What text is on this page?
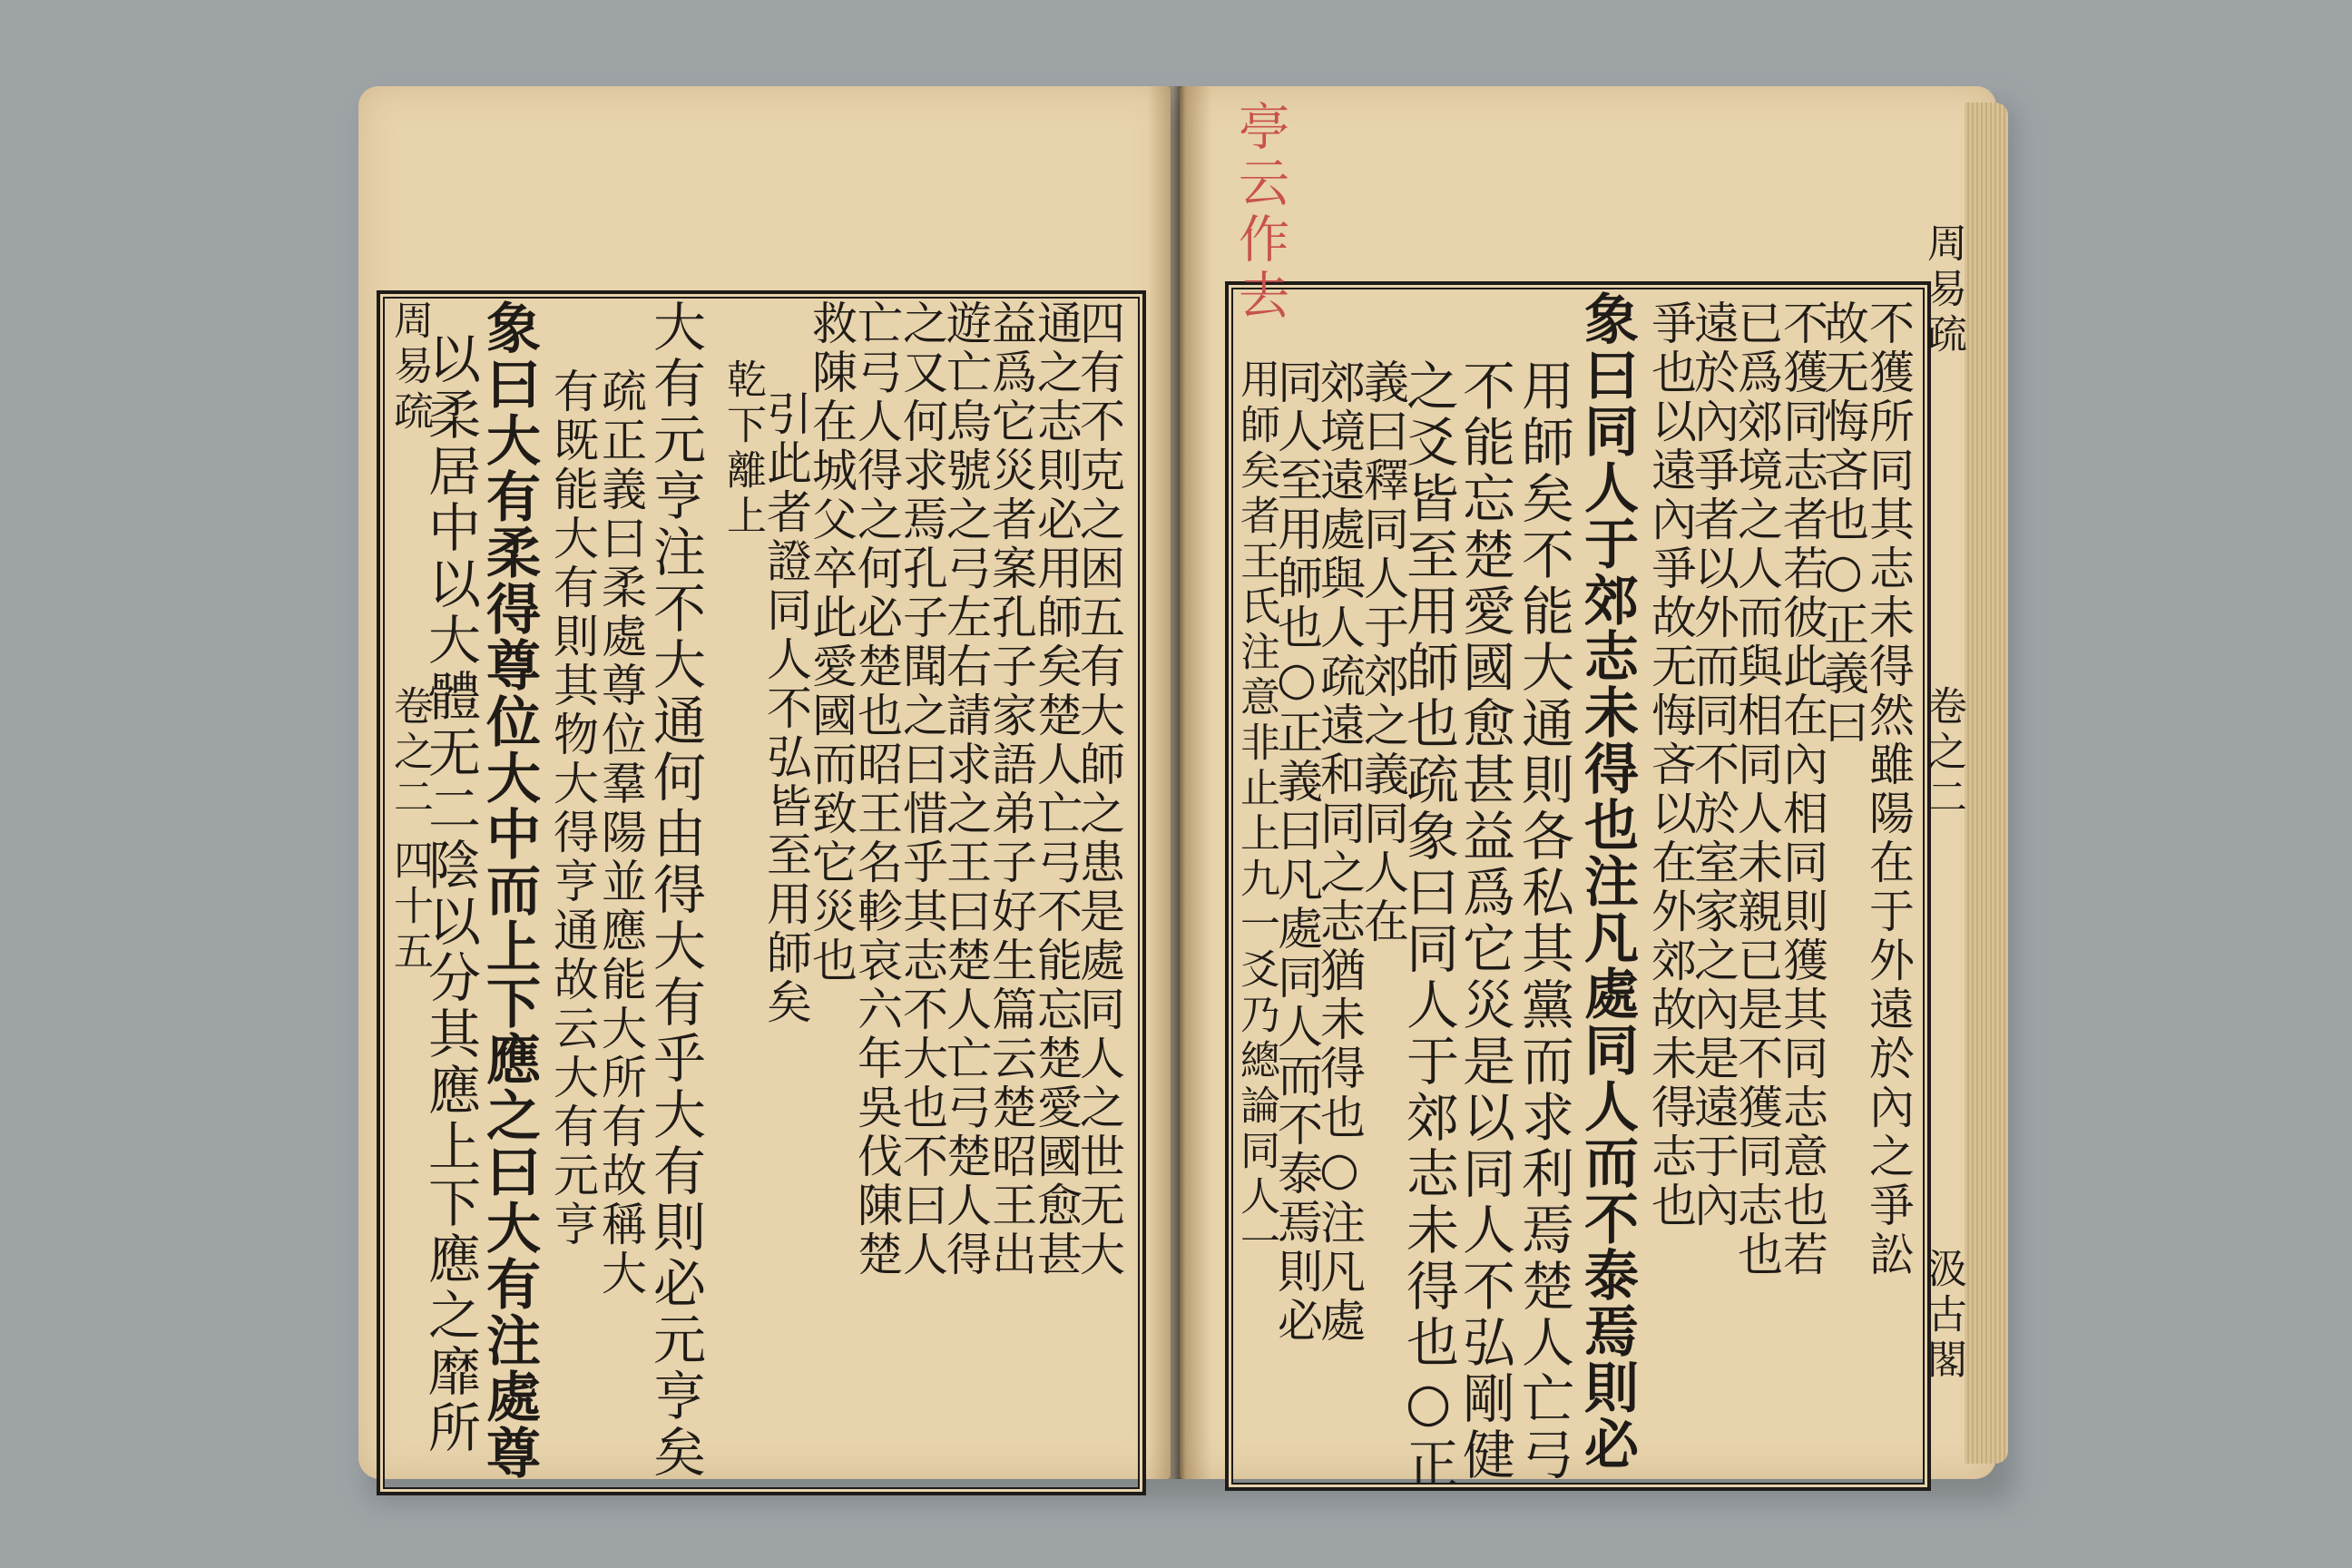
周易疏
卷之二 四十五	四有不克之困五有大師之患是處同人之世无大
通之志則必用師矣楚人亡弓不能忘楚愛國愈甚
益爲它災者案孔子家語弟子好生篇云楚昭王出
遊亡烏號之弓左右請求之王曰楚人亡弓楚人得
之又何求焉孔子聞之曰惜乎其志不大也不曰人
亡弓人得之何必楚也昭王名軫哀六年吳伐陳楚
救陳在城父卒此愛國而致它災也
引此者證同人不弘皆至用師矣
乾下離上
大有元亨注不大通何由得大有乎大有則必元亨矣
疏正義曰柔處尊位羣陽並應能大所有故稱大
有既能大有則其物大得亨通故云大有元亨
象曰大有柔得尊位大中而上下應之曰大有注處尊
以柔居中以大體无二陰以分其應上下應之靡所
周易疏
卷之二
汲古閣
不獲所同其志未得然雖陽在于外遠於內之爭訟
故无悔吝也○正義曰
不獲同志者若彼此在內相同則獲其同志意也若
已爲郊境之人而與相同人未親已是不獲同志也
遠於內爭者以外而同不於室家之內是遠于內
爭也以遠內爭故无悔吝以在外郊故未得志也
象曰同人于郊志未得也注凡處同人而不泰焉則必
用師矣不能大通則各私其黨而求利焉楚人亡弓
不能忘楚愛國愈甚益爲它災是以同人不弘剛健
之爻皆至用師也疏象曰同人于郊志未得也○正
義曰釋同人于郊之義同人在
郊境遠處與人疏遠和同之志猶未得也○注凡處
同人至用師也○正義曰凡處同人而不泰焉則必
用師矣者王氏注意非止上九一爻乃總論同人一
亭云作去
